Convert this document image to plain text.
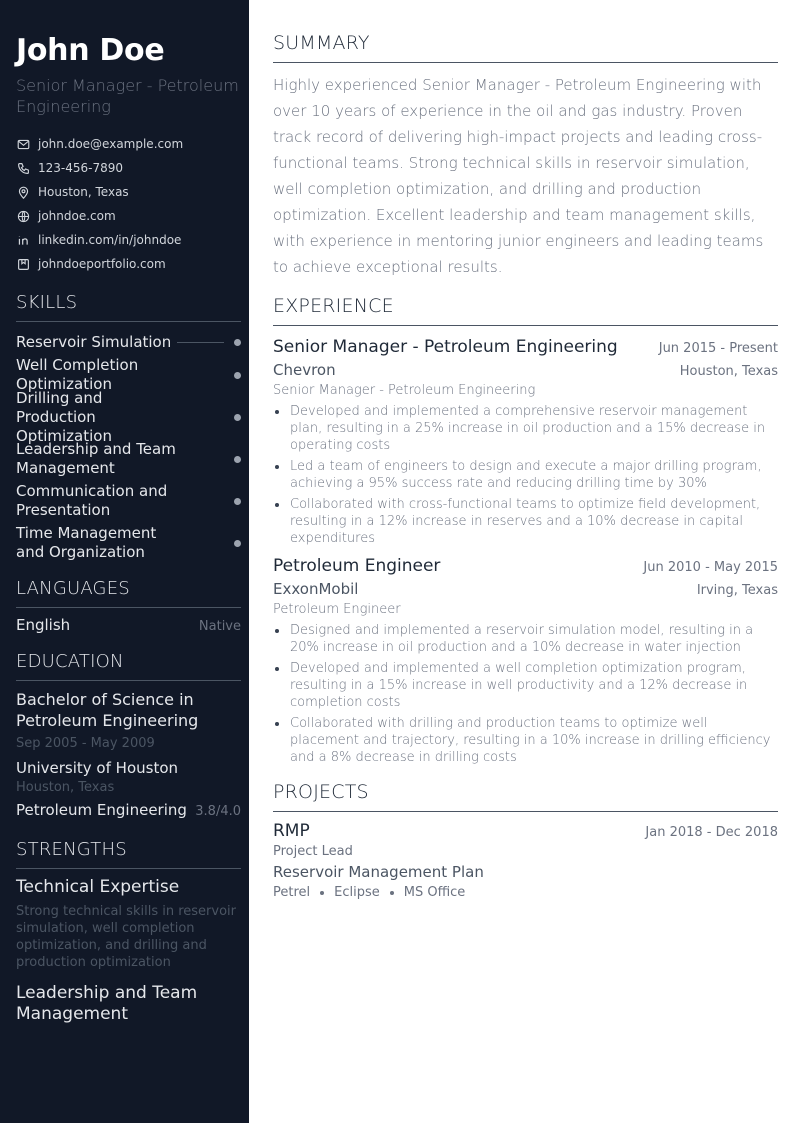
John Doe
Senior Manager - Petroleum Engineering
john.doe@example.com
123-456-7890
Houston, Texas
johndoe.com
linkedin.com/in/johndoe
johndoeportfolio.com
SKILLS
Reservoir Simulation
Well Completion Optimization
Drilling and Production Optimization
Leadership and Team Management
Communication and Presentation
Time Management and Organization
LANGUAGES
English	Native
EDUCATION
Bachelor of Science in Petroleum Engineering
Sep 2005 - May 2009
University of Houston
Houston, Texas
Petroleum Engineering 3.8/4.0
STRENGTHS
Technical Expertise
Strong technical skills in reservoir simulation, well completion optimization, and drilling and production optimization
Leadership and Team Management
SUMMARY

Highly experienced Senior Manager - Petroleum Engineering with over 10 years of experience in the oil and gas industry. Proven track record of delivering high-impact projects and leading cross-functional teams. Strong technical skills in reservoir simulation, well completion optimization, and drilling and production optimization. Excellent leadership and team management skills, with experience in mentoring junior engineers and leading teams to achieve exceptional results.

EXPERIENCE
Senior Manager - Petroleum Engineering	Jun 2015 - Present
Chevron	Houston, Texas
Senior Manager - Petroleum Engineering
Developed and implemented a comprehensive reservoir management plan, resulting in a 25% increase in oil production and a 15% decrease in operating costs
Led a team of engineers to design and execute a major drilling program, achieving a 95% success rate and reducing drilling time by 30%
Collaborated with cross-functional teams to optimize field development, resulting in a 12% increase in reserves and a 10% decrease in capital expenditures
Petroleum Engineer	Jun 2010 - May 2015
ExxonMobil	Irving, Texas
Petroleum Engineer
Designed and implemented a reservoir simulation model, resulting in a 20% increase in oil production and a 10% decrease in water injection
Developed and implemented a well completion optimization program, resulting in a 15% increase in well productivity and a 12% decrease in completion costs
Collaborated with drilling and production teams to optimize well placement and trajectory, resulting in a 10% increase in drilling efficiency and a 8% decrease in drilling costs
PROJECTS
RMP	Jan 2018 - Dec 2018
Project Lead
Reservoir Management Plan
Petrel Eclipse MS Office
